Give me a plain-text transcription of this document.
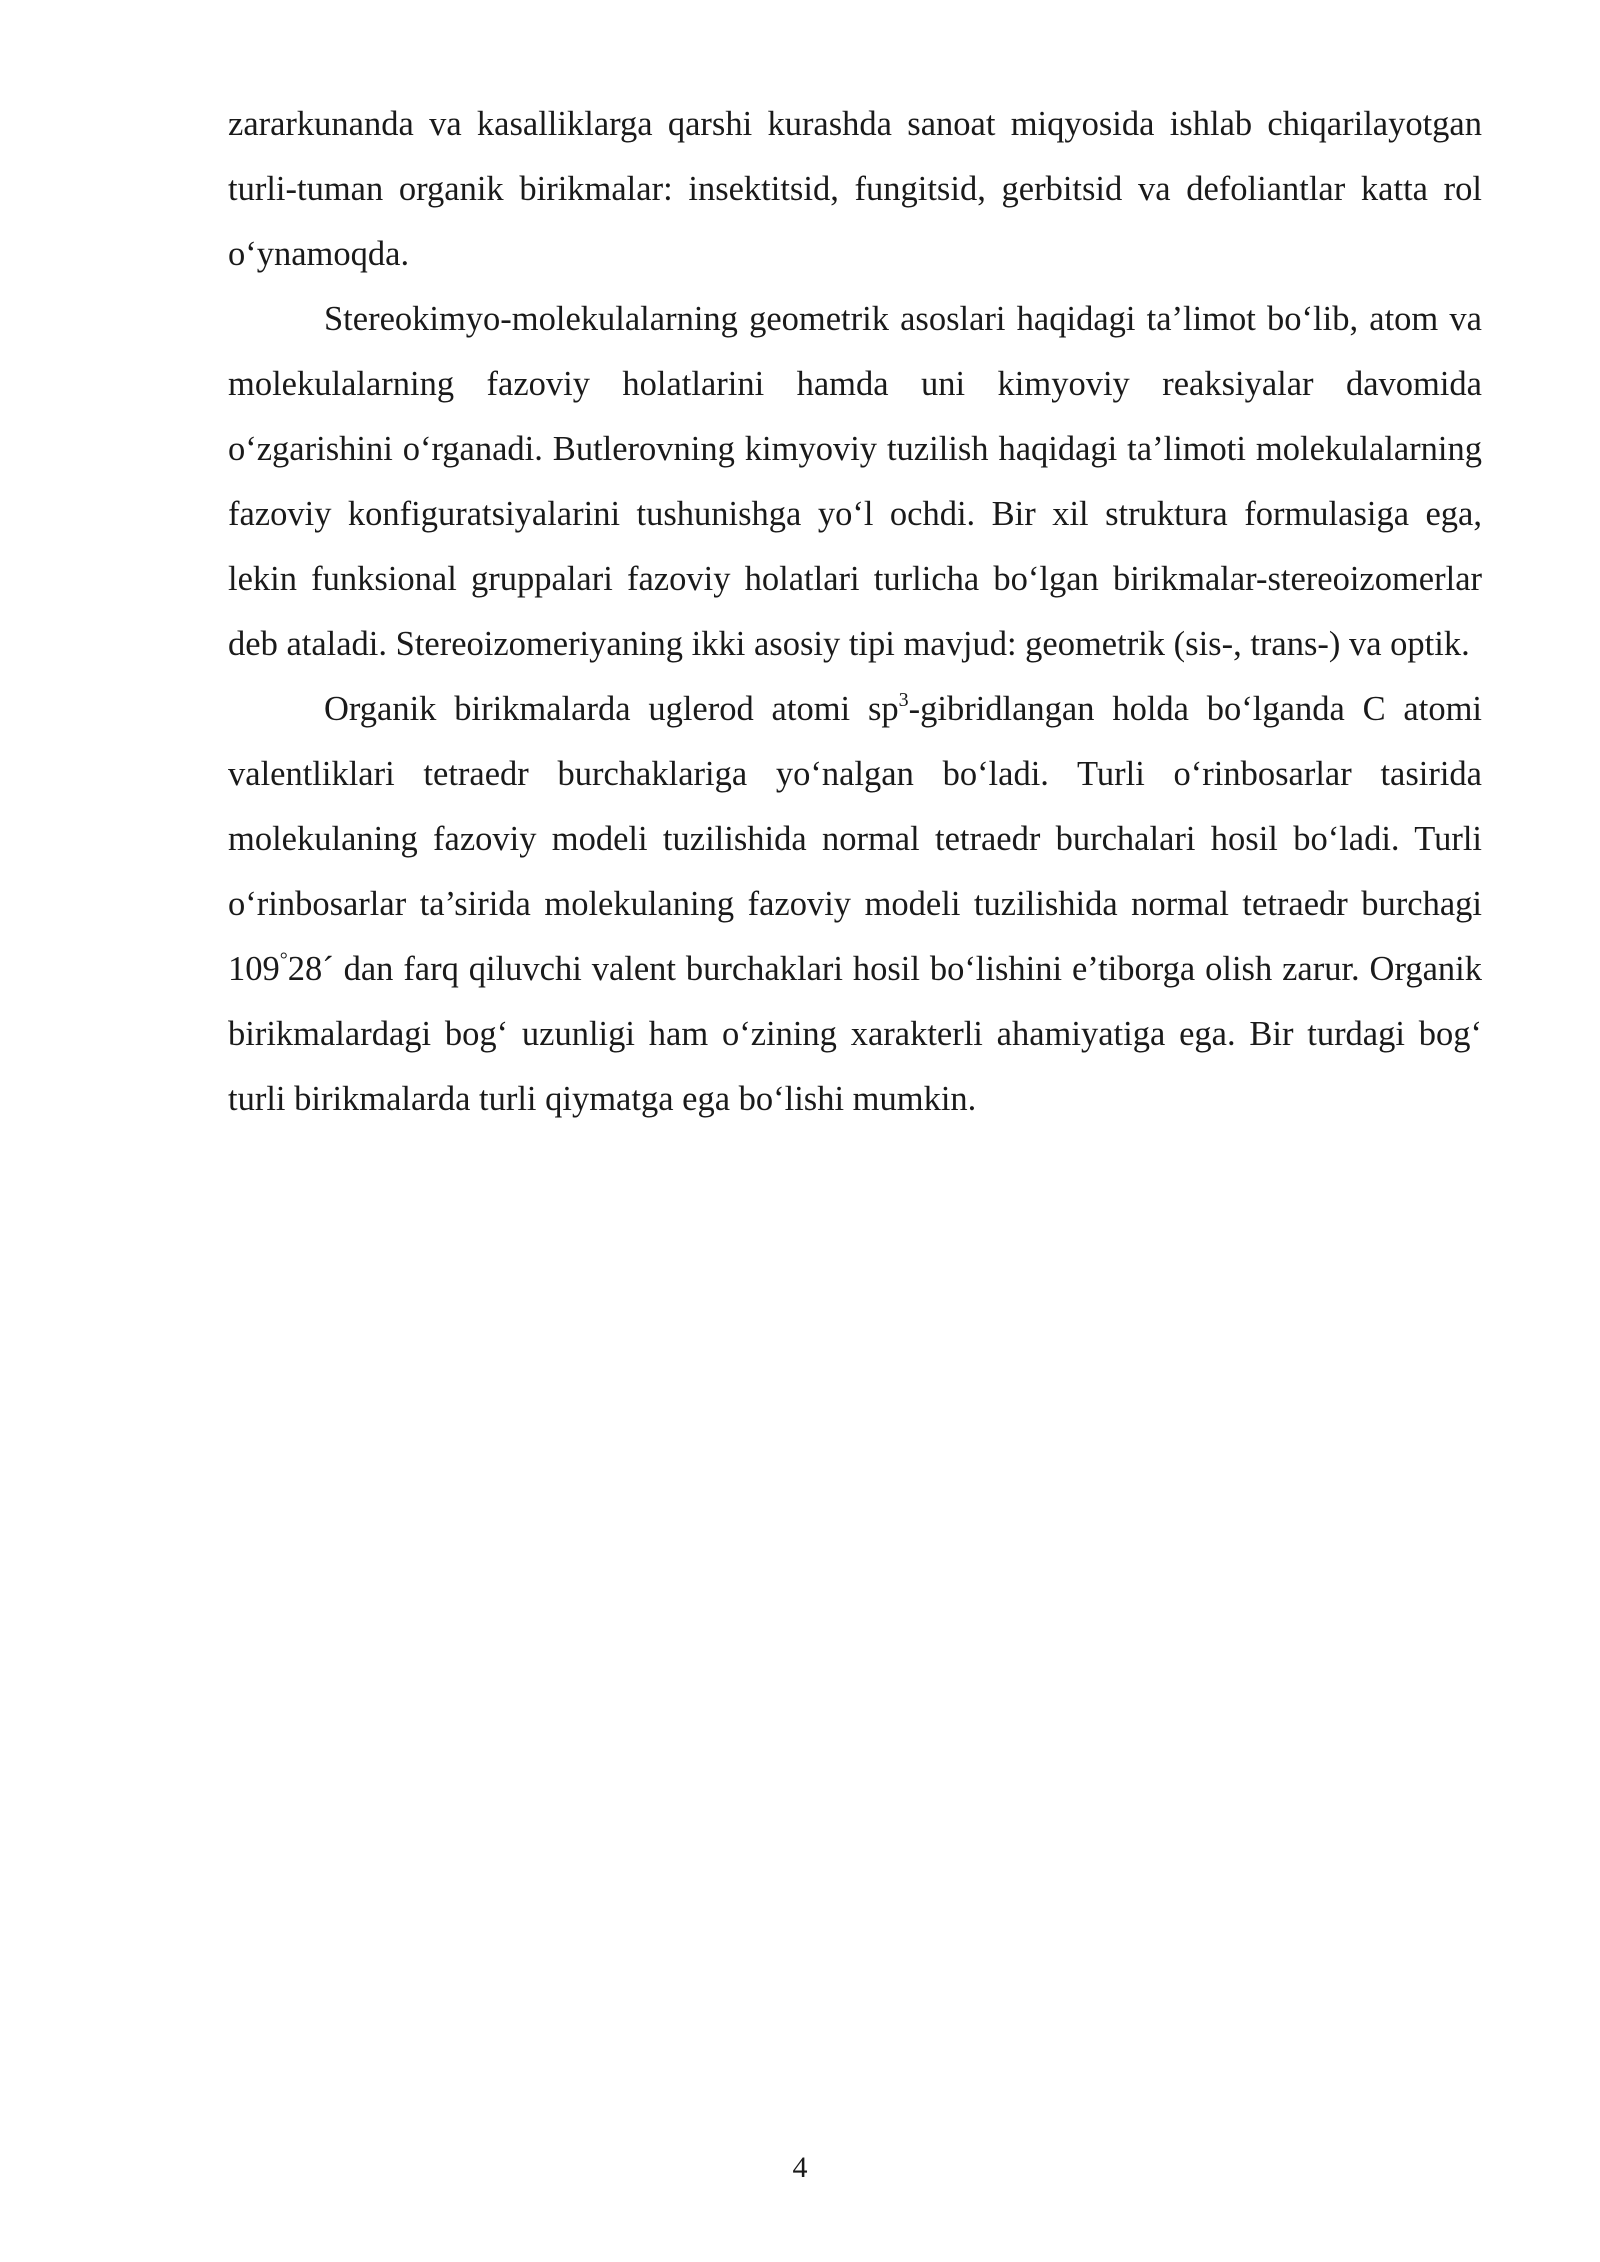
zararkunanda va kasalliklarga qarshi kurashda sanoat miqyosida ishlab chiqarilayotgan turli-tuman organik birikmalar: insektitsid, fungitsid, gerbitsid va defoliantlar katta rol o‘ynamoqda.

Stereokimyo-molekulalarning geometrik asoslari haqidagi ta’limot bo‘lib, atom va molekulalarning fazoviy holatlarini hamda uni kimyoviy reaksiyalar davomida o‘zgarishini o‘rganadi. Butlerovning kimyoviy tuzilish haqidagi ta’limoti molekulalarning fazoviy konfiguratsiyalarini tushunishga yo‘l ochdi. Bir xil struktura formulasiga ega, lekin funksional gruppalari fazoviy holatlari turlicha bo‘lgan birikmalar-stereoizomerlar deb ataladi. Stereoizomeriyaning ikki asosiy tipi mavjud: geometrik (sis-, trans-) va optik.

Organik birikmalarda uglerod atomi $sp^3$-gibridlangan holda bo‘lganda C atomi valentliklari tetraedr burchaklariga yo‘nalgan bo‘ladi. Turli o‘rinbosarlar tasirida molekulaning fazoviy modeli tuzilishida normal tetraedr burchalari hosil bo‘ladi. Turli o‘rinbosarlar ta’sirida molekulaning fazoviy modeli tuzilishida normal tetraedr burchagi 109°28´ dan farq qiluvchi valent burchaklari hosil bo‘lishini e’tiborga olish zarur. Organik birikmalardagi bog‘ uzunligi ham o‘zining xarakterli ahamiyatiga ega. Bir turdagi bog‘ turli birikmalarda turli qiymatga ega bo‘lishi mumkin.

4
